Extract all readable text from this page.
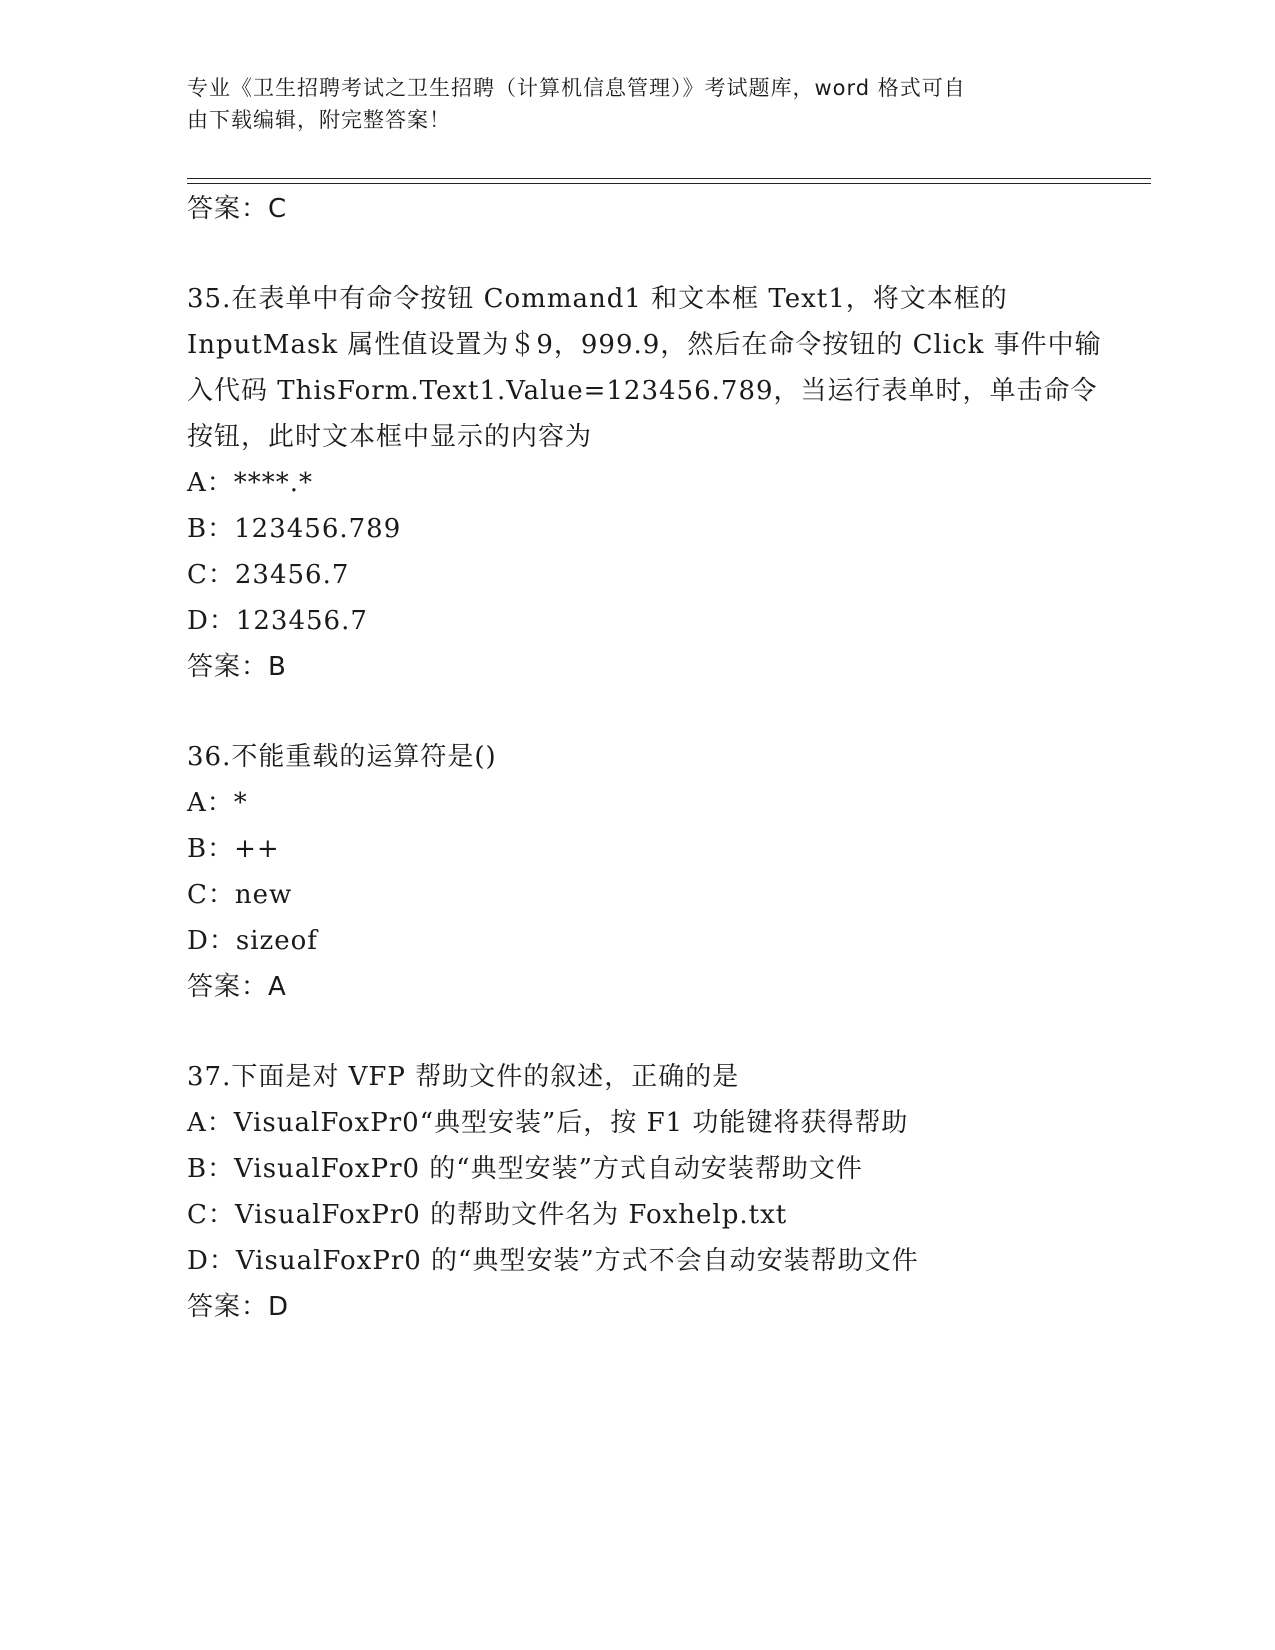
专业《卫生招聘考试之卫生招聘（计算机信息管理）》考试题库，word 格式可自
由下载编辑，附完整答案！
答案：C
35.在表单中有命令按钮 Command1 和文本框 Text1，将文本框的 InputMask 属性值设置为＄9，999.9，然后在命令按钮的 Click 事件中输入代码 ThisForm.Text1.Value=123456.789，当运行表单时，单击命令按钮，此时文本框中显示的内容为
A：****.*
B：123456.789
C：23456.7
D：123456.7
答案：B
36.不能重载的运算符是()
A：*
B：++
C：new
D：sizeof
答案：A
37.下面是对 VFP 帮助文件的叙述，正确的是
A：VisualFoxPr0“典型安装”后，按 F1 功能键将获得帮助
B：VisualFoxPr0 的“典型安装”方式自动安装帮助文件
C：VisualFoxPr0 的帮助文件名为 Foxhelp.txt
D：VisualFoxPr0 的“典型安装”方式不会自动安装帮助文件
答案：D
